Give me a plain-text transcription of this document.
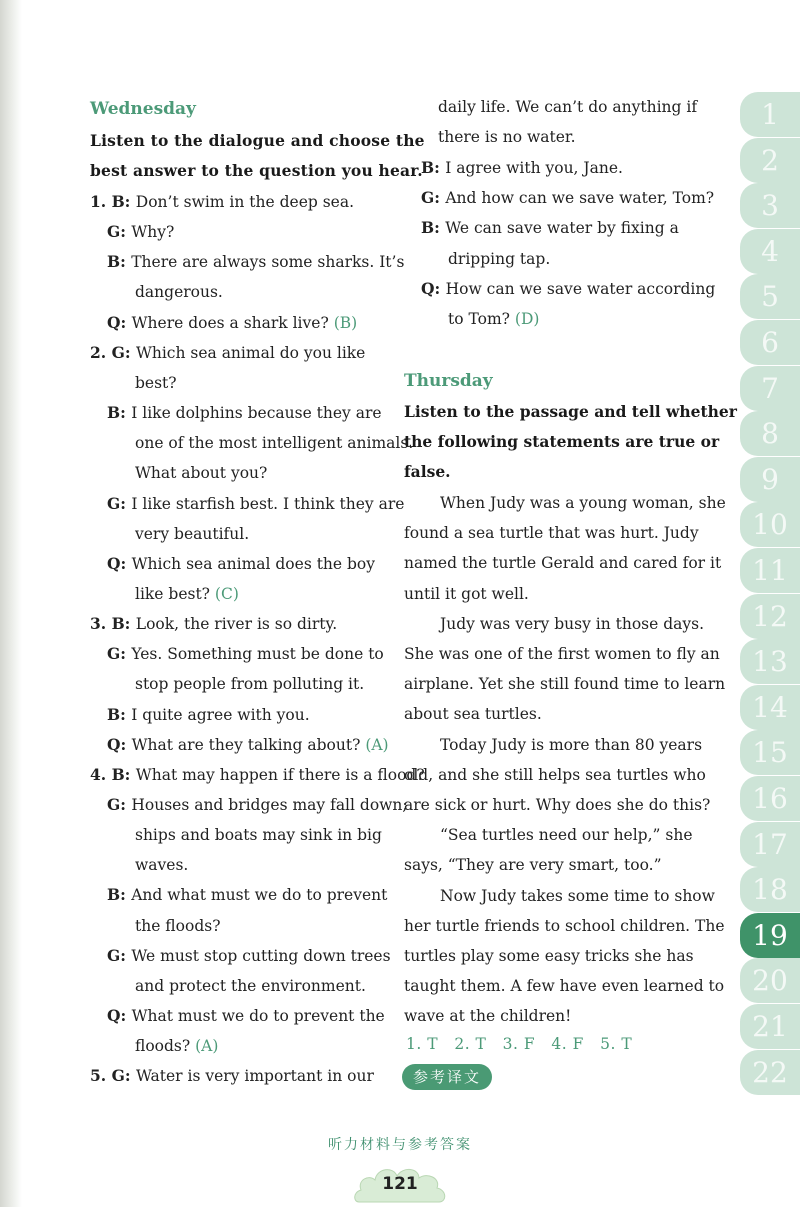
Wednesday
Listen to the dialogue and choose the
best answer to the question you hear.
1. B: Don’t swim in the deep sea.
G: Why?
B: There are always some sharks. It’s
dangerous.
Q: Where does a shark live? (B)
2. G: Which sea animal do you like
best?
B: I like dolphins because they are
one of the most intelligent animals.
What about you?
G: I like starfish best. I think they are
very beautiful.
Q: Which sea animal does the boy
like best? (C)
3. B: Look, the river is so dirty.
G: Yes. Something must be done to
stop people from polluting it.
B: I quite agree with you.
Q: What are they talking about? (A)
4. B: What may happen if there is a flood?
G: Houses and bridges may fall down;
ships and boats may sink in big
waves.
B: And what must we do to prevent
the floods?
G: We must stop cutting down trees
and protect the environment.
Q: What must we do to prevent the
floods? (A)
5. G: Water is very important in our
daily life. We can’t do anything if
there is no water.
B: I agree with you, Jane.
G: And how can we save water, Tom?
B: We can save water by fixing a
dripping tap.
Q: How can we save water according
to Tom? (D)
Thursday
Listen to the passage and tell whether
the following statements are true or
false.
When Judy was a young woman, she
found a sea turtle that was hurt. Judy
named the turtle Gerald and cared for it
until it got well.
Judy was very busy in those days.
She was one of the first women to fly an
airplane. Yet she still found time to learn
about sea turtles.
Today Judy is more than 80 years
old, and she still helps sea turtles who
are sick or hurt. Why does she do this?
“Sea turtles need our help,” she
says, “They are very smart, too.”
Now Judy takes some time to show
her turtle friends to school children. The
turtles play some easy tricks she has
taught them. A few have even learned to
wave at the children!
1. T   2. T   3. F   4. F   5. T
参考译文
听力材料与参考答案
121
1
2
3
4
5
6
7
8
9
10
11
12
13
14
15
16
17
18
19
20
21
22
